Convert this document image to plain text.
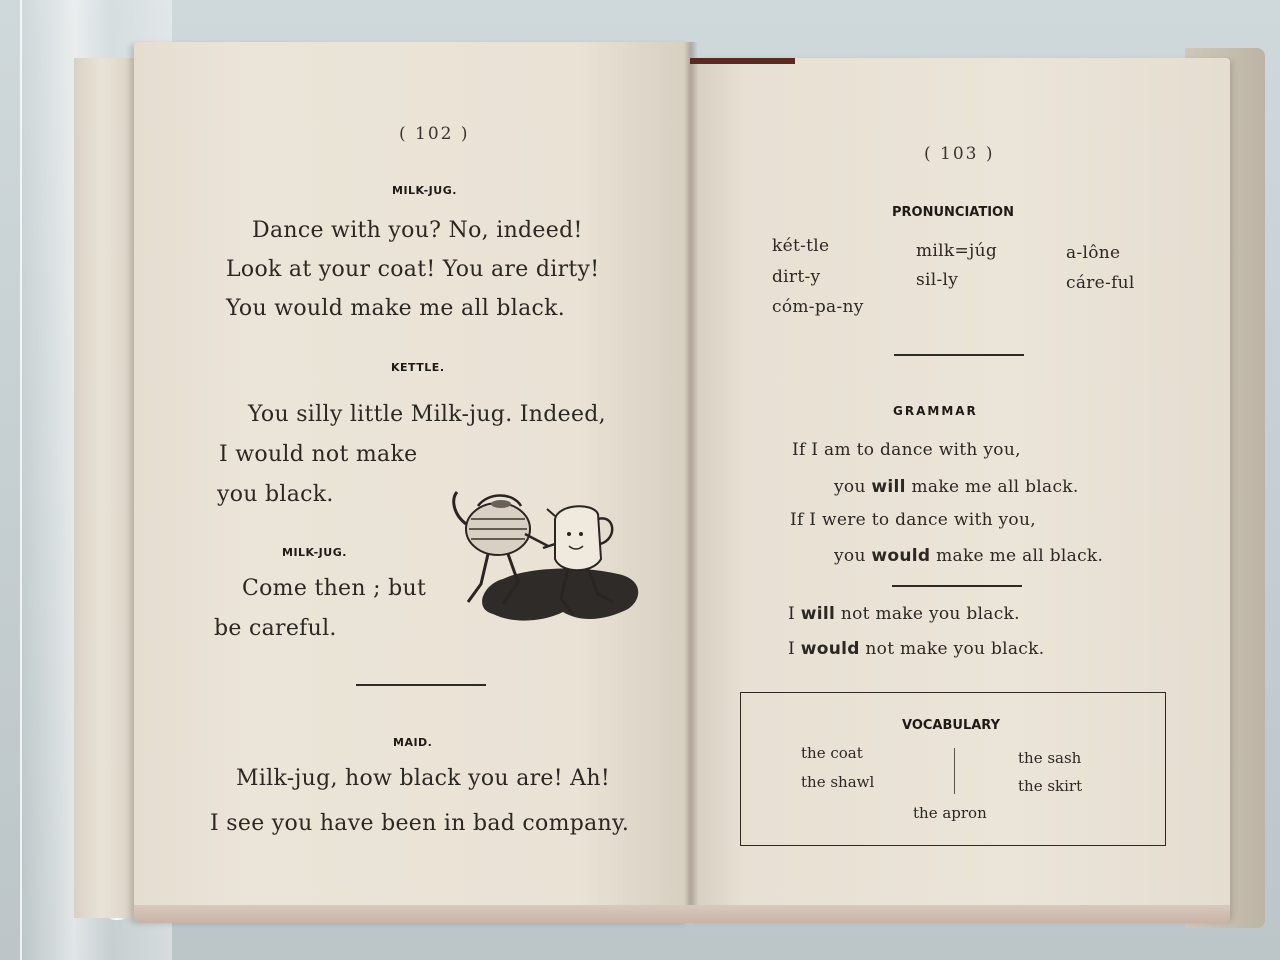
( 102 )
MILK-JUG.
Dance with you? No, indeed!
Look at your coat! You are dirty!
You would make me all black.
KETTLE.
You silly little Milk-jug. Indeed,
I would not make
you black.
MILK-JUG.
Come then ; but
be careful.
MAID.
Milk-jug, how black you are! Ah!
I see you have been in bad company.
( 103 )
PRONUNCIATION
két-tle	milk=júg	a-lône
dirt-y	sil-ly	cáre-ful
cóm-pa-ny
GRAMMAR
If I am to dance with you,
you will make me all black.
If I were to dance with you,
you would make me all black.
I will not make you black.
I would not make you black.
VOCABULARY
the coat
the shawl
the sash
the skirt
the apron
